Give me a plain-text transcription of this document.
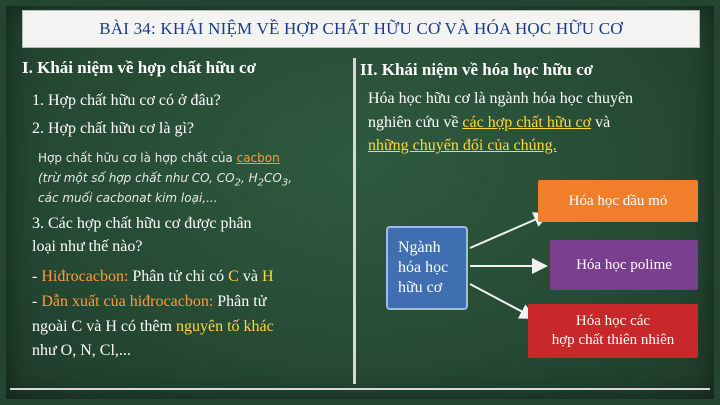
BÀI 34: KHÁI NIỆM VỀ HỢP CHẤT HỮU CƠ VÀ HÓA HỌC HỮU CƠ
I. Khái niệm về hợp chất hữu cơ
1. Hợp chất hữu cơ có ở đâu?
2. Hợp chất hữu cơ là gì?
Hợp chất hữu cơ là hợp chất của cacbon
(trừ một số hợp chất như CO, $CO_2$, $H_2CO_3$,
các muối cacbonat kim loại,...
3. Các hợp chất hữu cơ được phân
loại như thế nào?
- Hiđrocacbon: Phân tử chỉ có C và H
- Dẫn xuất của hiđrocacbon: Phân tử
ngoài C và H có thêm nguyên tố khác
như O, N, Cl,...
II. Khái niệm về hóa học hữu cơ
Hóa học hữu cơ là ngành hóa học chuyên
nghiên cứu về các hợp chất hữu cơ và
những chuyển đổi của chúng.
Hóa học dầu mỏ
Ngành
hóa học
hữu cơ
Hóa học polime
Hóa học các
hợp chất thiên nhiên
